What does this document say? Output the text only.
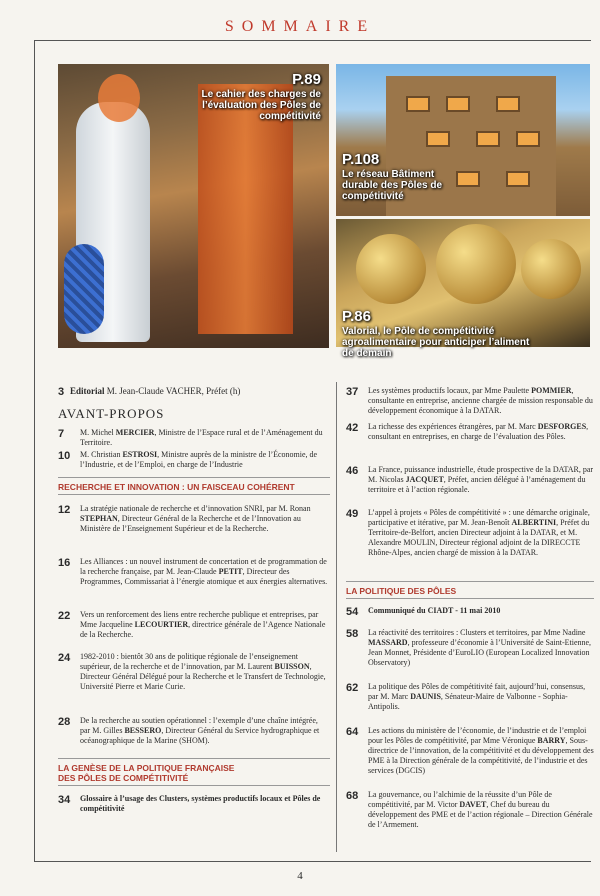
SOMMAIRE
P.89
Le cahier des charges de l’évaluation des Pôles de compétitivité
P.108
Le réseau Bâtiment durable des Pôles de compétitivité
P.86
Valorial, le Pôle de compétitivité agroalimentaire pour anticiper l’aliment de demain
3 Editorial M. Jean-Claude VACHER, Préfet (h)
AVANT-PROPOS
7 M. Michel MERCIER, Ministre de l’Espace rural et de l’Aménagement du Territoire.
10 M. Christian ESTROSI, Ministre auprès de la ministre de l’Économie, de l’Industrie, et de l’Emploi, en charge de l’Industrie
RECHERCHE ET INNOVATION : UN FAISCEAU COHÉRENT
12 La stratégie nationale de recherche et d’innovation SNRI, par M. Ronan STEPHAN, Directeur Général de la Recherche et de l’Innovation au Ministère de l’Enseignement Supérieur et de la Recherche.
16 Les Alliances : un nouvel instrument de concertation et de programmation de la recherche française, par M. Jean-Claude PETIT, Directeur des Programmes, Commissariat à l’énergie atomique et aux énergies alternatives.
22 Vers un renforcement des liens entre recherche publique et entreprises, par Mme Jacqueline LECOURTIER, directrice générale de l’Agence Nationale de la Recherche.
24 1982-2010 : bientôt 30 ans de politique régionale de l’enseignement supérieur, de la recherche et de l’innovation, par M. Laurent BUISSON, Directeur Général Délégué pour la Recherche et le Transfert de Technologie, Université Pierre et Marie Curie.
28 De la recherche au soutien opérationnel : l’exemple d’une chaîne intégrée, par M. Gilles BESSERO, Directeur Général du Service hydrographique et océanographique de la Marine (SHOM).
LA GENÈSE DE LA POLITIQUE FRANÇAISE
DES PÔLES DE COMPÉTITIVITÉ
34 Glossaire à l’usage des Clusters, systèmes productifs locaux et Pôles de compétitivité
37 Les systèmes productifs locaux, par Mme Paulette POMMIER, consultante en entreprise, ancienne chargée de mission responsable du développement économique à la DATAR.
42 La richesse des expériences étrangères, par M. Marc DESFORGES, consultant en entreprises, en charge de l’évaluation des Pôles.
46 La France, puissance industrielle, étude prospective de la DATAR, par M. Nicolas JACQUET, Préfet, ancien délégué à l’aménagement du territoire et à l’action régionale.
49 L’appel à projets « Pôles de compétitivité » : une démarche originale, participative et itérative, par M. Jean-Benoît ALBERTINI, Préfet du Territoire-de-Belfort, ancien Directeur adjoint à la DATAR, et M. Alexandre MOULIN, Directeur régional adjoint de la DIRECCTE Rhône-Alpes, ancien chargé de mission à la DATAR.
LA POLITIQUE DES PÔLES
54 Communiqué du CIADT - 11 mai 2010
58 La réactivité des territoires : Clusters et territoires, par Mme Nadine MASSARD, professeure d’économie à l’Université de Saint-Etienne, Jean Monnet, Présidente d’EuroLIO (European Localized Innovation Observatory)
62 La politique des Pôles de compétitivité fait, aujourd’hui, consensus, par M. Marc DAUNIS, Sénateur-Maire de Valbonne - Sophia-Antipolis.
64 Les actions du ministère de l’économie, de l’industrie et de l’emploi pour les Pôles de compétitivité, par Mme Véronique BARRY, Sous-directrice de l’innovation, de la compétitivité et du développement des PME à la Direction générale de la compétitivité, de l’industrie et des services (DGCIS)
68 La gouvernance, ou l’alchimie de la réussite d’un Pôle de compétitivité, par M. Victor DAVET, Chef du bureau du développement des PME et de l’action régionale – Direction Générale de l’Armement.
4
